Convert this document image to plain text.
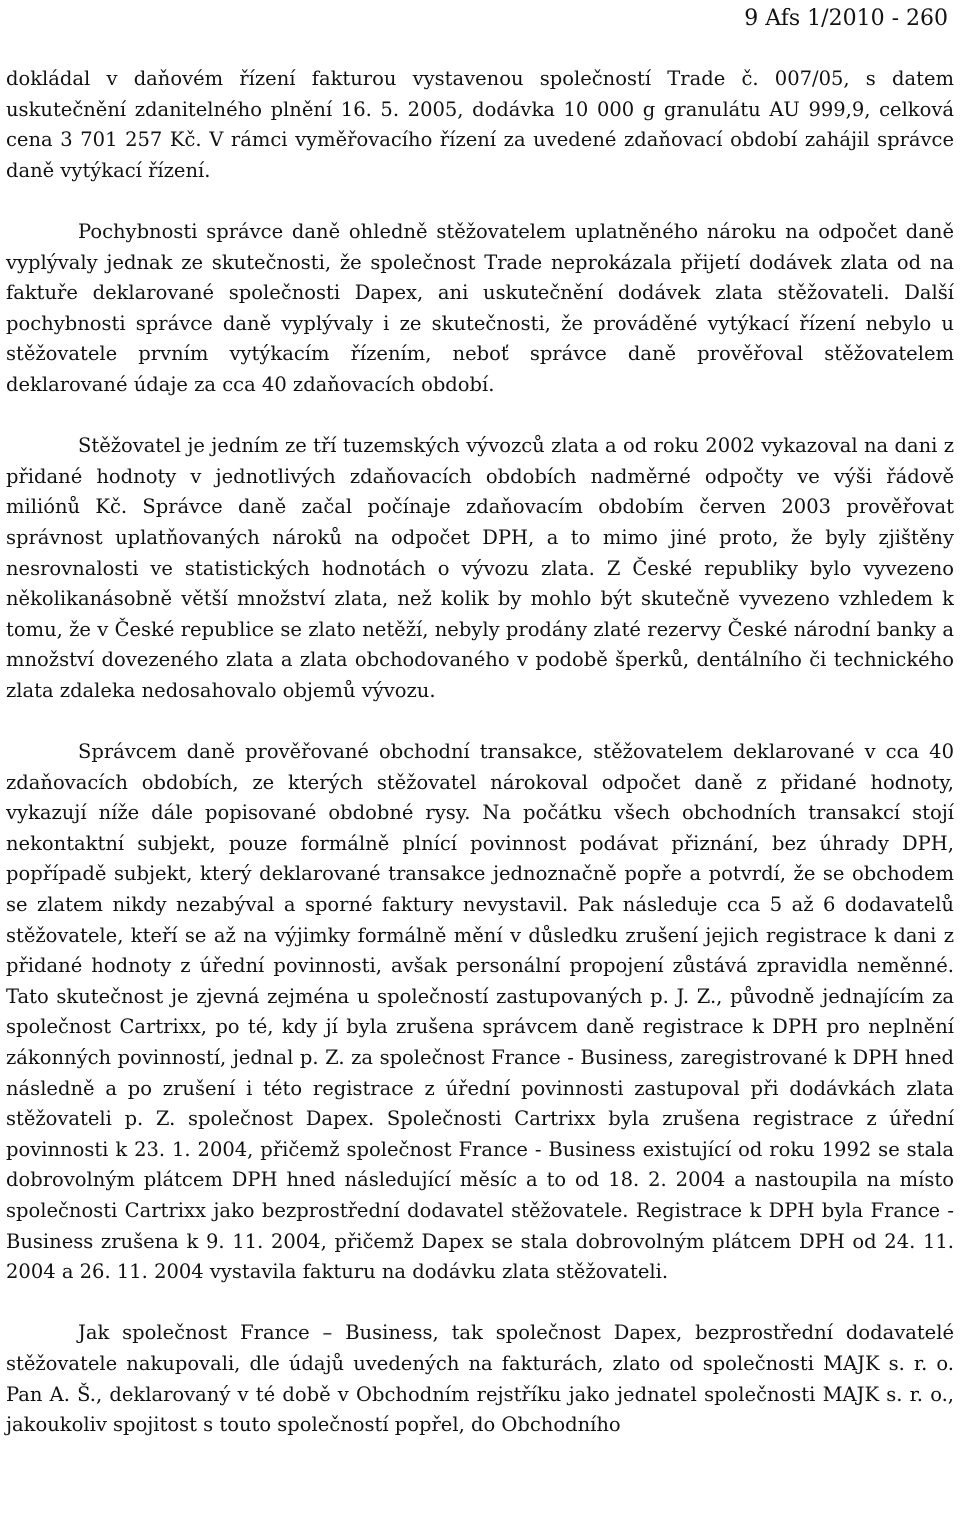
9 Afs 1/2010 - 260

dokládal v daňovém řízení fakturou vystavenou společností Trade č. 007/05, s datem uskutečnění zdanitelného plnění 16. 5. 2005, dodávka 10 000 g granulátu AU 999,9, celková cena 3 701 257 Kč. V rámci vyměřovacího řízení za uvedené zdaňovací období zahájil správce daně vytýkací řízení.

Pochybnosti správce daně ohledně stěžovatelem uplatněného nároku na odpočet daně vyplývaly jednak ze skutečnosti, že společnost Trade neprokázala přijetí dodávek zlata od na faktuře deklarované společnosti Dapex, ani uskutečnění dodávek zlata stěžovateli. Další pochybnosti správce daně vyplývaly i ze skutečnosti, že prováděné vytýkací řízení nebylo u stěžovatele prvním vytýkacím řízením, neboť správce daně prověřoval stěžovatelem deklarované údaje za cca 40 zdaňovacích období.

Stěžovatel je jedním ze tří tuzemských vývozců zlata a od roku 2002 vykazoval na dani z přidané hodnoty v jednotlivých zdaňovacích obdobích nadměrné odpočty ve výši řádově miliónů Kč. Správce daně začal počínaje zdaňovacím obdobím červen 2003 prověřovat správnost uplatňovaných nároků na odpočet DPH, a to mimo jiné proto, že byly zjištěny nesrovnalosti ve statistických hodnotách o vývozu zlata. Z České republiky bylo vyvezeno několikanásobně větší množství zlata, než kolik by mohlo být skutečně vyvezeno vzhledem k tomu, že v České republice se zlato netěží, nebyly prodány zlaté rezervy České národní banky a množství dovezeného zlata a zlata obchodovaného v podobě šperků, dentálního či technického zlata zdaleka nedosahovalo objemů vývozu.

Správcem daně prověřované obchodní transakce, stěžovatelem deklarované v cca 40 zdaňovacích obdobích, ze kterých stěžovatel nárokoval odpočet daně z přidané hodnoty, vykazují níže dále popisované obdobné rysy. Na počátku všech obchodních transakcí stojí nekontaktní subjekt, pouze formálně plnící povinnost podávat přiznání, bez úhrady DPH, popřípadě subjekt, který deklarované transakce jednoznačně popře a potvrdí, že se obchodem se zlatem nikdy nezabýval a sporné faktury nevystavil. Pak následuje cca 5 až 6 dodavatelů stěžovatele, kteří se až na výjimky formálně mění v důsledku zrušení jejich registrace k dani z přidané hodnoty z úřední povinnosti, avšak personální propojení zůstává zpravidla neměnné. Tato skutečnost je zjevná zejména u společností zastupovaných p. J. Z., původně jednajícím za společnost Cartrixx, po té, kdy jí byla zrušena správcem daně registrace k DPH pro neplnění zákonných povinností, jednal p. Z. za společnost France - Business, zaregistrované k DPH hned následně a po zrušení i této registrace z úřední povinnosti zastupoval při dodávkách zlata stěžovateli p. Z. společnost Dapex. Společnosti Cartrixx byla zrušena registrace z úřední povinnosti k 23. 1. 2004, přičemž společnost France - Business existující od roku 1992 se stala dobrovolným plátcem DPH hned následující měsíc a to od 18. 2. 2004 a nastoupila na místo společnosti Cartrixx jako bezprostřední dodavatel stěžovatele. Registrace k DPH byla France - Business zrušena k 9. 11. 2004, přičemž Dapex se stala dobrovolným plátcem DPH od 24. 11. 2004 a 26. 11. 2004 vystavila fakturu na dodávku zlata stěžovateli.

Jak společnost France – Business, tak společnost Dapex, bezprostřední dodavatelé stěžovatele nakupovali, dle údajů uvedených na fakturách, zlato od společnosti MAJK s. r. o. Pan A. Š., deklarovaný v té době v Obchodním rejstříku jako jednatel společnosti MAJK s. r. o., jakoukoliv spojitost s touto společností popřel, do Obchodního
